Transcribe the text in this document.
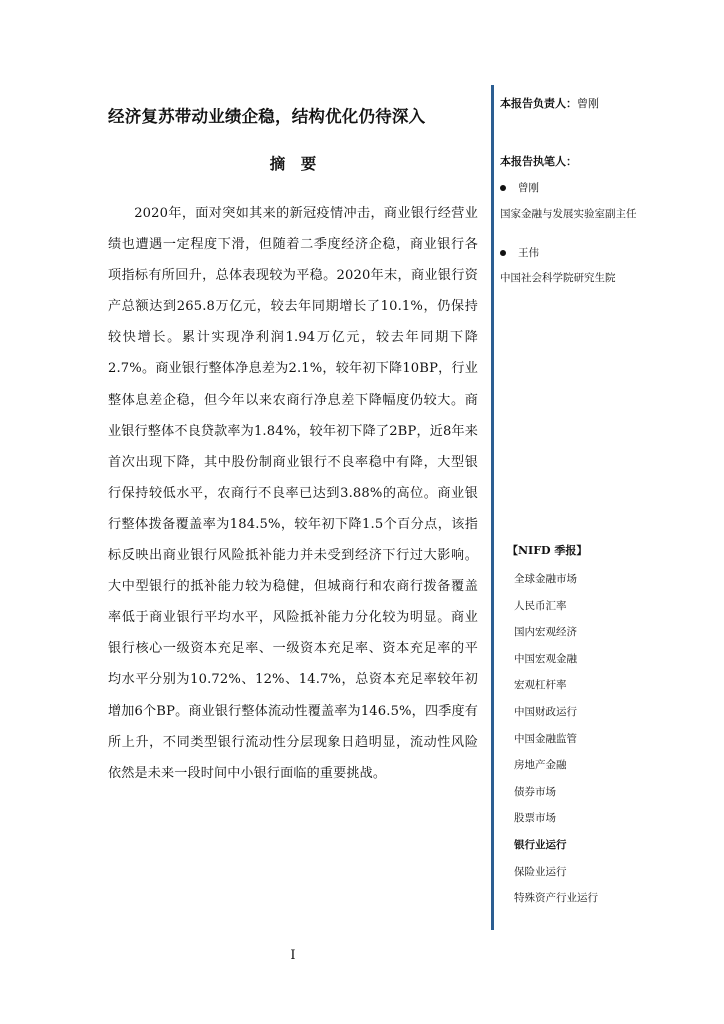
经济复苏带动业绩企稳，结构优化仍待深入
摘　要

2020年，面对突如其来的新冠疫情冲击，商业银行经营业绩也遭遇一定程度下滑，但随着二季度经济企稳，商业银行各项指标有所回升，总体表现较为平稳。2020年末，商业银行资产总额达到265.8万亿元，较去年同期增长了10.1%，仍保持较快增长。累计实现净利润1.94万亿元，较去年同期下降2.7%。商业银行整体净息差为2.1%，较年初下降10BP，行业整体息差企稳，但今年以来农商行净息差下降幅度仍较大。商业银行整体不良贷款率为1.84%，较年初下降了2BP，近8年来首次出现下降，其中股份制商业银行不良率稳中有降，大型银行保持较低水平，农商行不良率已达到3.88%的高位。商业银行整体拨备覆盖率为184.5%，较年初下降1.5个百分点，该指标反映出商业银行风险抵补能力并未受到经济下行过大影响。大中型银行的抵补能力较为稳健，但城商行和农商行拨备覆盖率低于商业银行平均水平，风险抵补能力分化较为明显。商业银行核心一级资本充足率、一级资本充足率、资本充足率的平均水平分别为10.72%、12%、14.7%，总资本充足率较年初增加6个BP。商业银行整体流动性覆盖率为146.5%，四季度有所上升，不同类型银行流动性分层现象日趋明显，流动性风险依然是未来一段时间中小银行面临的重要挑战。

I
本报告负责人：曾刚
本报告执笔人：
曾刚
国家金融与发展实验室副主任
王伟
中国社会科学院研究生院
【NIFD 季报】
全球金融市场
人民币汇率
国内宏观经济
中国宏观金融
宏观杠杆率
中国财政运行
中国金融监管
房地产金融
债券市场
股票市场
银行业运行
保险业运行
特殊资产行业运行
